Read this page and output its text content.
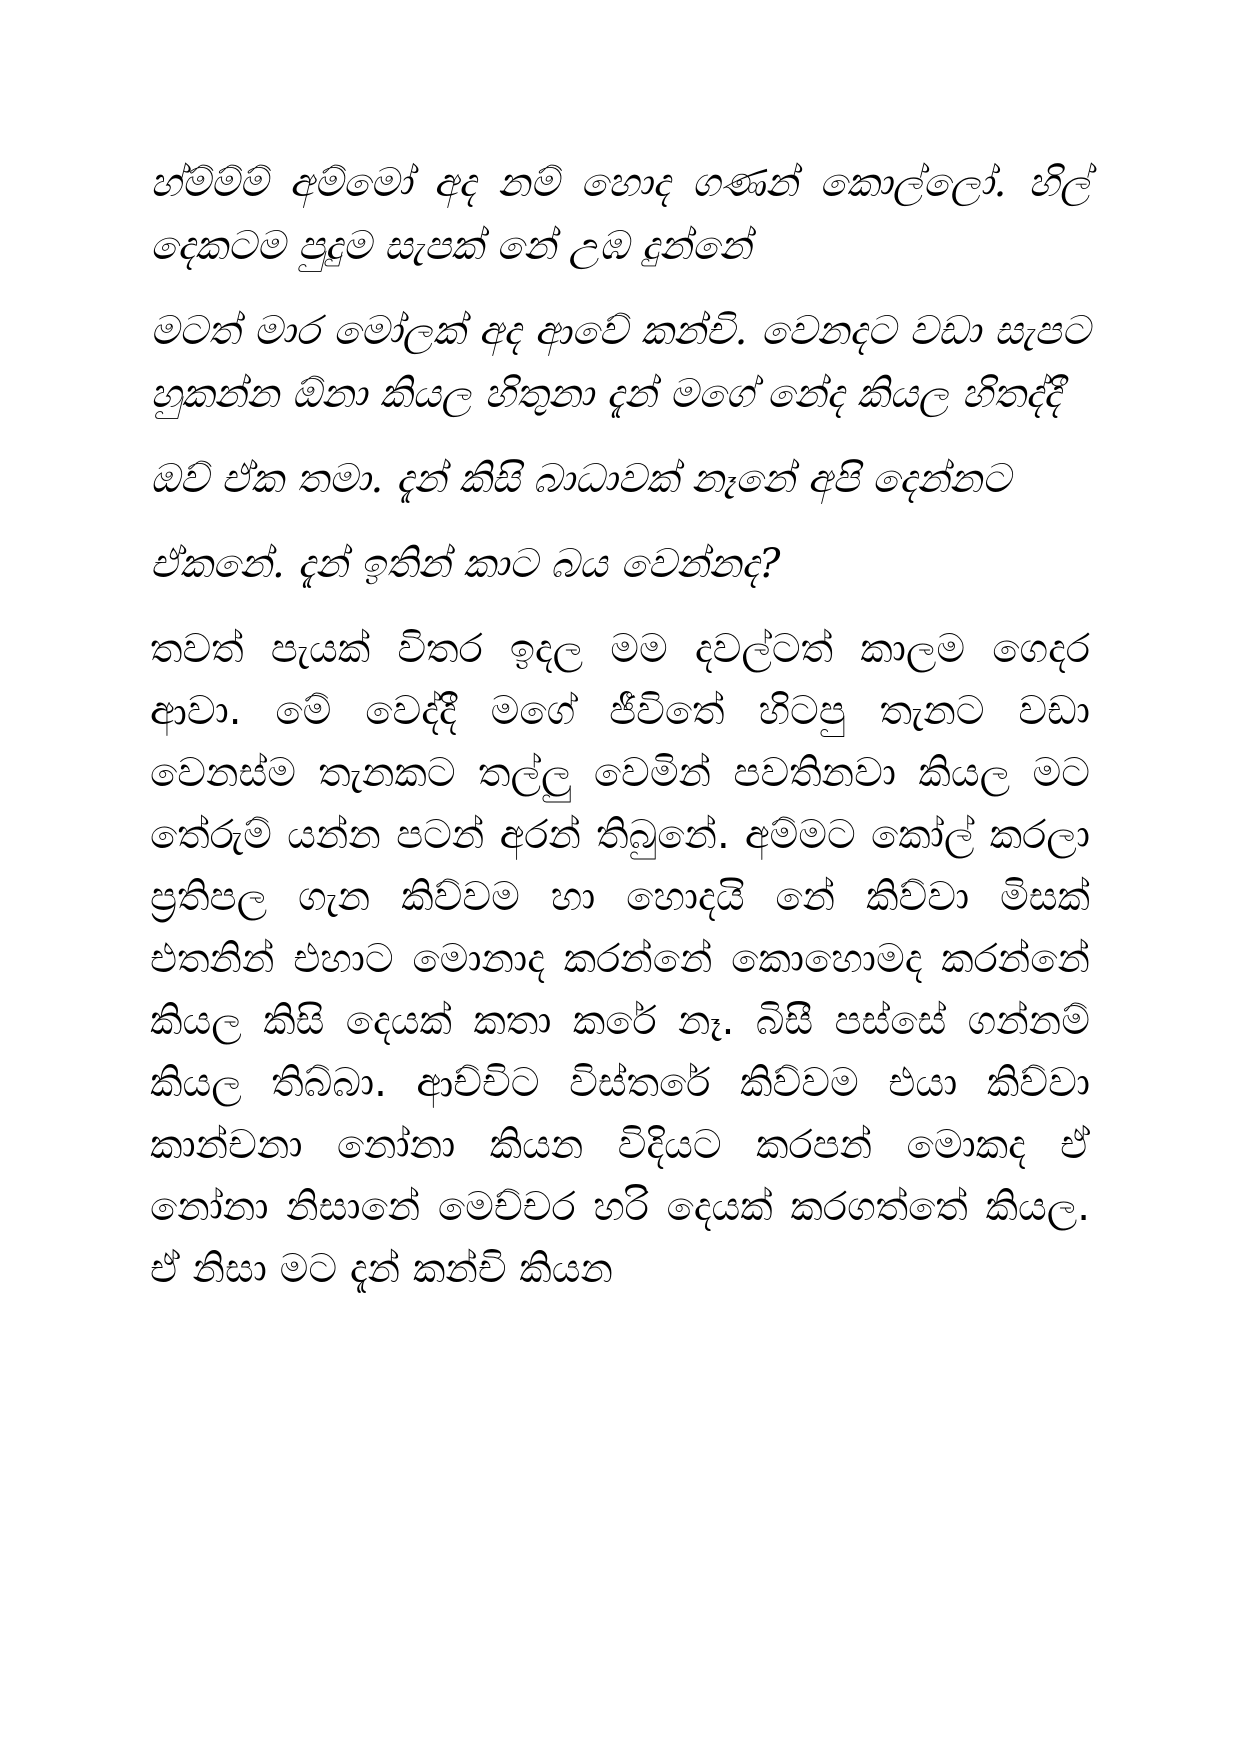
හ්ම්ම්ම් අම්මෝ අද නම් හොද ගණන් කොල්ලෝ. හිල් දෙකටම පුදුම සැපක් නේ උඹ දුන්නේ

මටත් මාර මෝලක් අද ආවේ කන්චි. වෙනදට වඩා සැපට හුකන්න ඕනා කියල හිතුනා දැන් මගේ නේද කියල හිතද්දී

ඔව් ඒක තමා. දැන් කිසි බාධාවක් නෑනේ අපි දෙන්නට

ඒකනේ. දැන් ඉතින් කාට බය වෙන්නද?

තවත් පැයක් විතර ඉදල මම දවල්ටත් කාලම ගෙදර ආවා. මේ වෙද්දී මගේ ජීවිතේ හිටපු තැනට වඩා වෙනස්ම තැනකට තල්ලු වෙමින් පවතිනවා කියල මට තේරුම් යන්න පටන් අරන් තිබුනේ. අම්මට කෝල් කරලා ප්‍රතිපල ගැන කිව්වම හා හොදයි නේ කිව්වා මිසක් එතනින් එහාට මොනාද කරන්නේ කොහොමද කරන්නේ කියල කිසි දෙයක් කතා කරේ නෑ. බිසී පස්සේ ගන්නම් කියල තිබ්බා. ආච්චිට විස්තරේ කිව්වම එයා කිව්වා කාන්චනා නෝනා කියන විදියට කරපන් මොකද ඒ නෝනා නිසානේ මෙච්චර හරි දෙයක් කරගත්තේ කියල. ඒ නිසා මට දැන් කන්චි කියන
